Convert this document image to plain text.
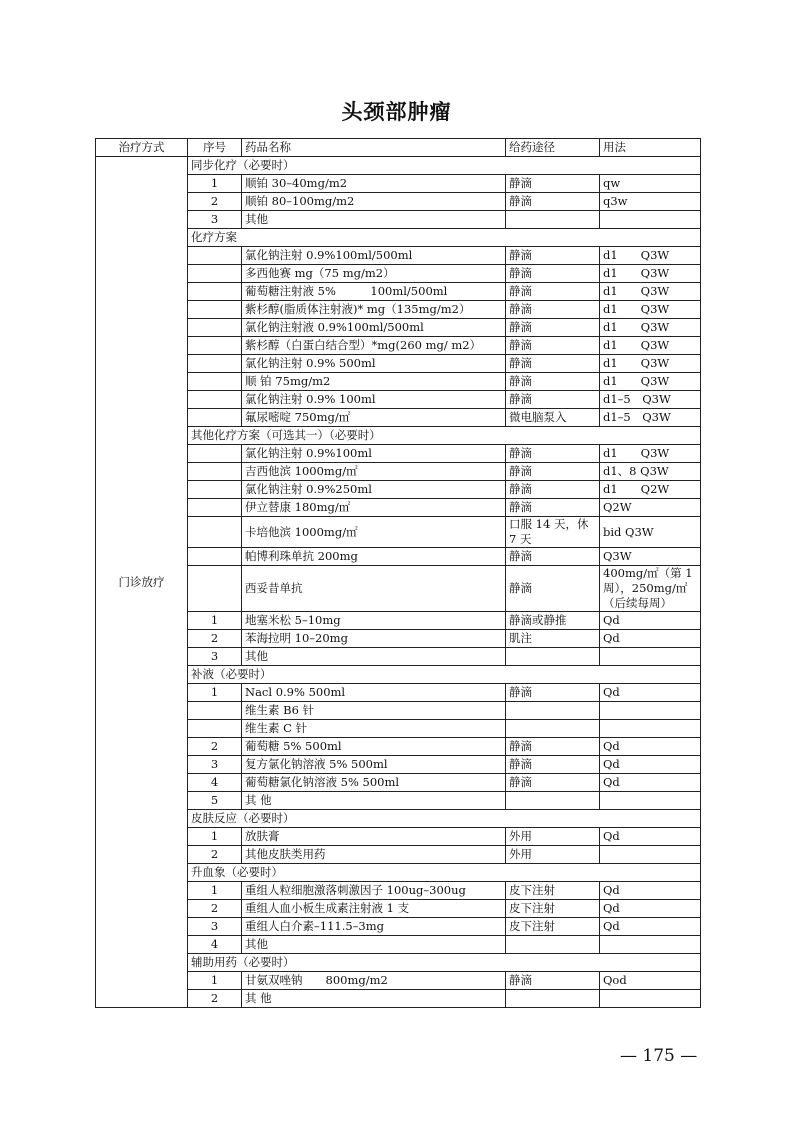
头颈部肿瘤
治疗方式	序号	药品名称	给药途径	用法
门诊放疗	同步化疗（必要时）			
	1	顺铂 30–40mg/m2	静滴	qw
	2	顺铂 80–100mg/m2	静滴	q3w
	3	其他		
	化疗方案			
		氯化钠注射 0.9%100ml/500ml	静滴	d1　　Q3W
		多西他赛 mg（75 mg/m2）	静滴	d1　　Q3W
		葡萄糖注射液 5%　　　100ml/500ml	静滴	d1　　Q3W
		紫杉醇(脂质体注射液)* mg（135mg/m2）	静滴	d1　　Q3W
		氯化钠注射液 0.9%100ml/500ml	静滴	d1　　Q3W
		紫杉醇（白蛋白结合型）*mg(260 mg/ m2）	静滴	d1　　Q3W
		氯化钠注射 0.9% 500ml	静滴	d1　　Q3W
		顺 铂 75mg/m2	静滴	d1　　Q3W
		氯化钠注射 0.9% 100ml	静滴	d1–5　Q3W
		氟尿嘧啶 750mg/㎡	微电脑泵入	d1–5　Q3W
	其他化疗方案（可选其一）（必要时）			
		氯化钠注射 0.9%100ml	静滴	d1　　Q3W
		吉西他滨 1000mg/㎡	静滴	d1、8 Q3W
		氯化钠注射 0.9%250ml	静滴	d1　　Q2W
		伊立替康 180mg/㎡	静滴	Q2W
		卡培他滨 1000mg/㎡	口服 14 天，休 7 天	bid Q3W
		帕博利珠单抗 200mg	静滴	Q3W
		西妥昔单抗	静滴	400mg/㎡（第 1 周），250mg/㎡（后续每周）
	1	地塞米松 5–10mg	静滴或静推	Qd
	2	苯海拉明 10–20mg	肌注	Qd
	3	其他		
	补液（必要时）			
	1	Nacl 0.9% 500ml	静滴	Qd
		维生素 B6 针		
		维生素 C 针		
	2	葡萄糖 5% 500ml	静滴	Qd
	3	复方氯化钠溶液 5% 500ml	静滴	Qd
	4	葡萄糖氯化钠溶液 5% 500ml	静滴	Qd
	5	其 他		
	皮肤反应（必要时）			
	1	放肤膏	外用	Qd
	2	其他皮肤类用药	外用	
	升血象（必要时）			
	1	重组人粒细胞激落刺激因子 100ug–300ug	皮下注射	Qd
	2	重组人血小板生成素注射液 1 支	皮下注射	Qd
	3	重组人白介素–111.5–3mg	皮下注射	Qd
	4	其他		
	辅助用药（必要时）			
	1	甘氨双唑钠　　800mg/m2	静滴	Qod
	2	其 他		
— 175 —
